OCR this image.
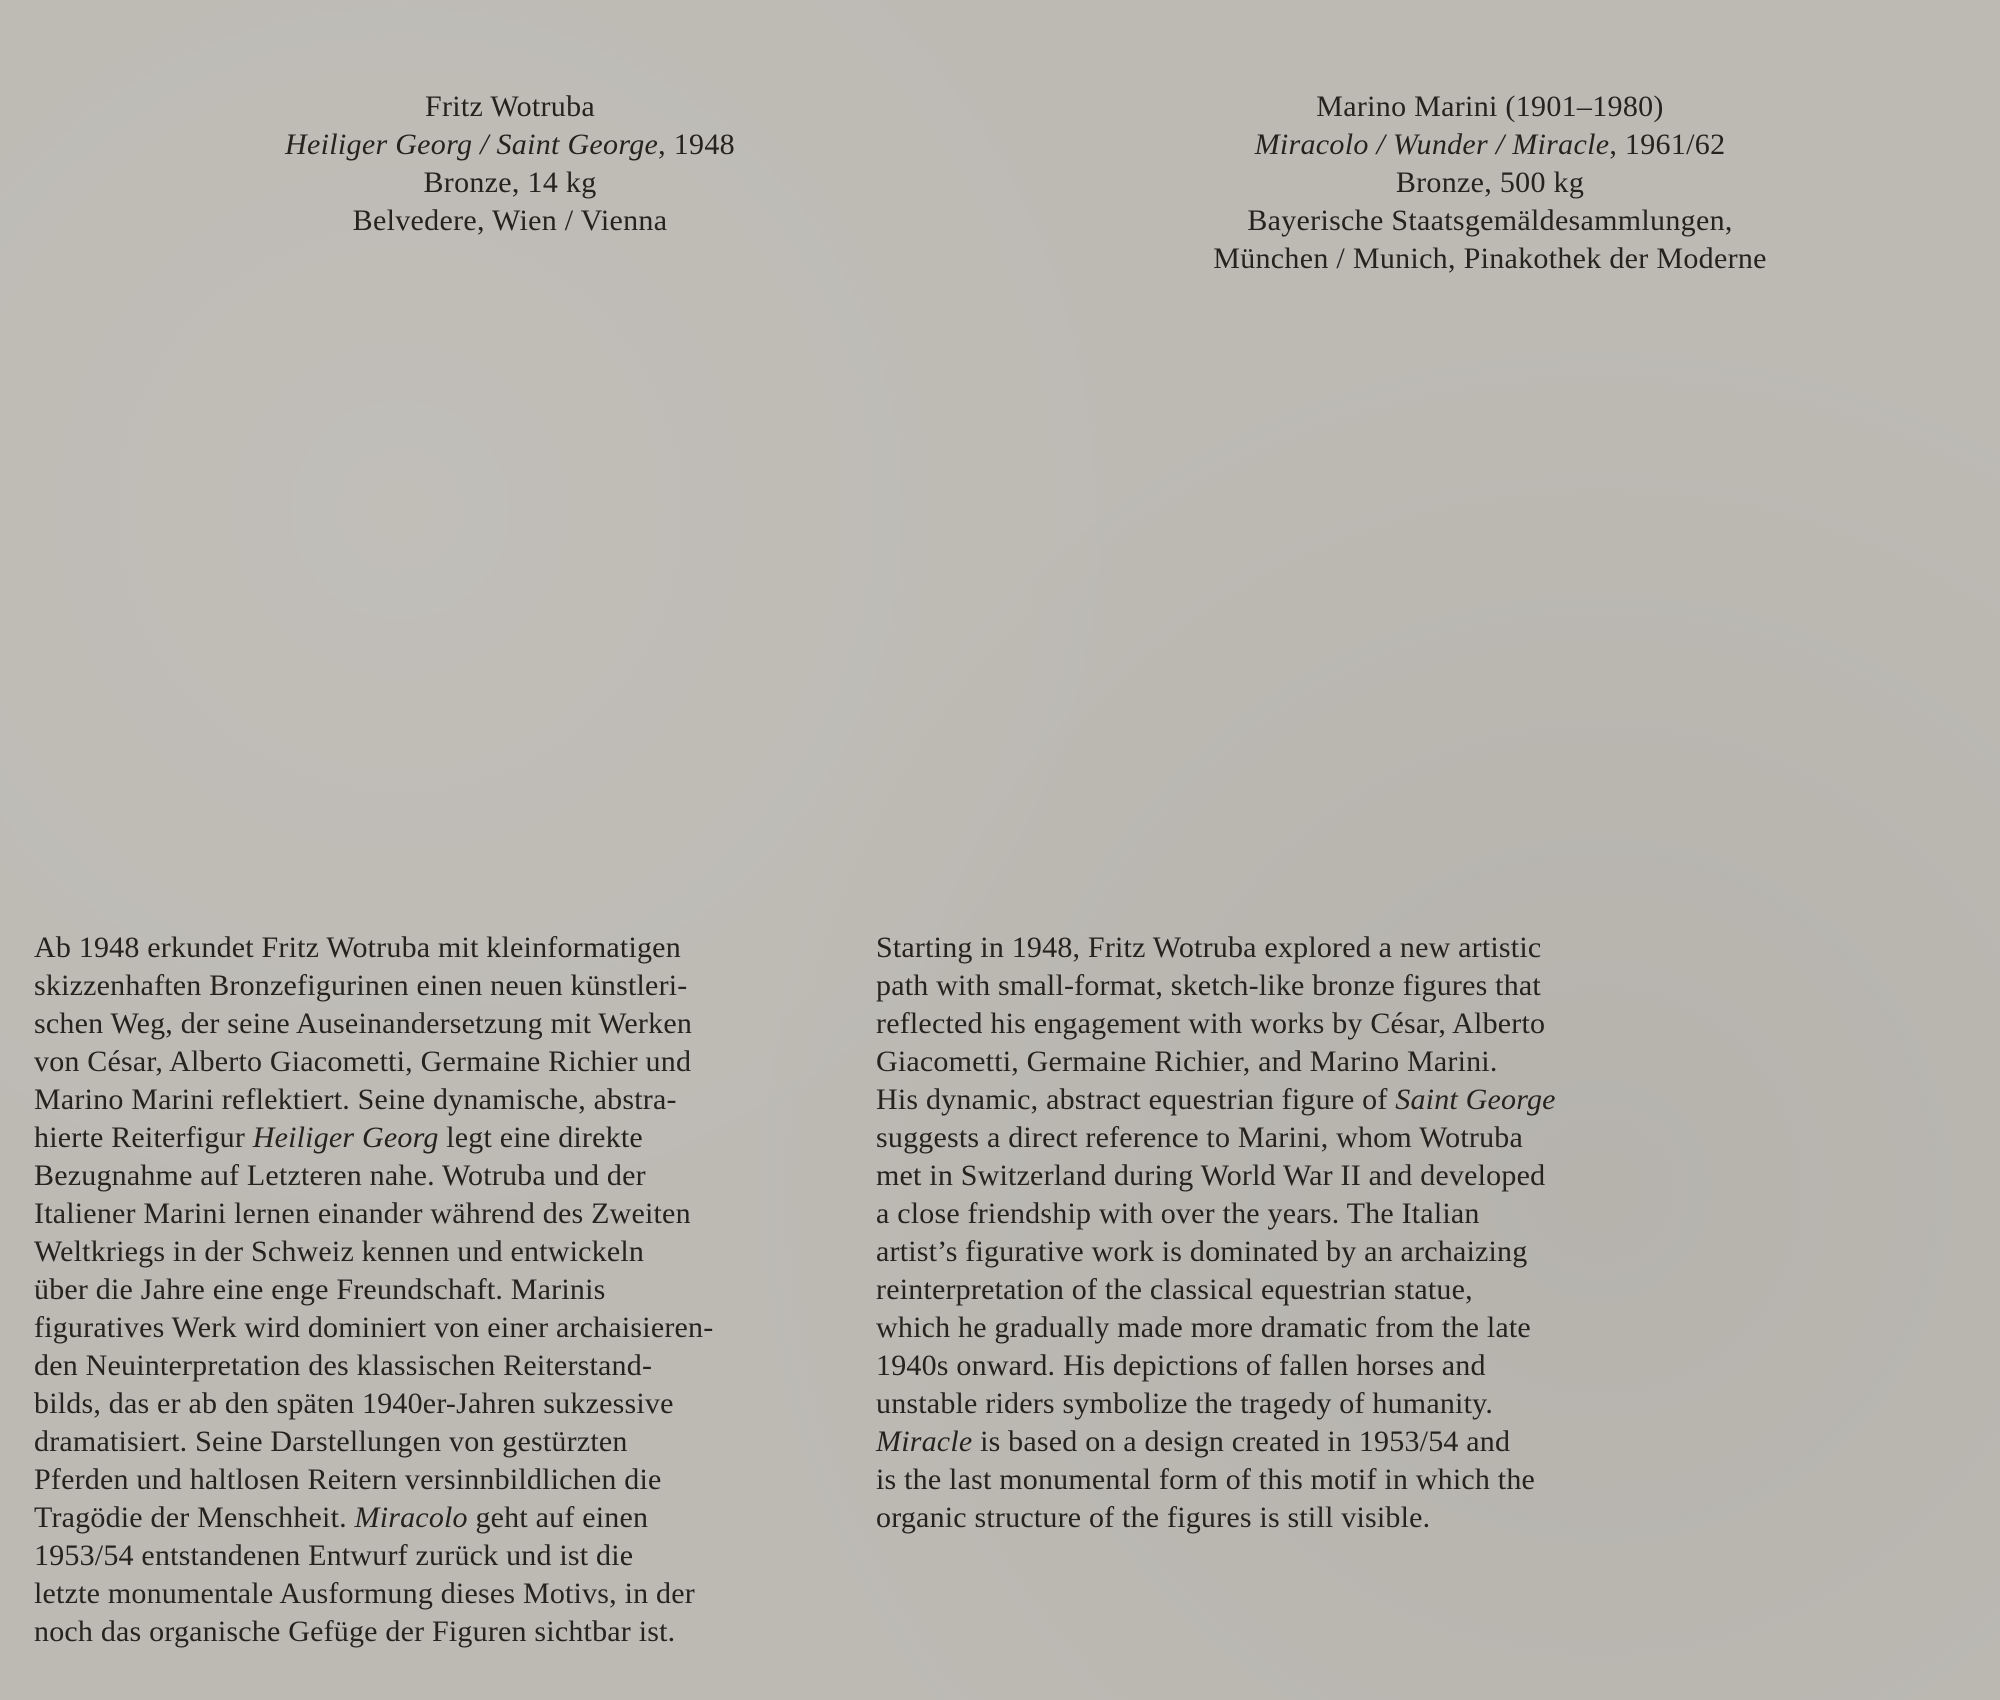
Fritz Wotruba
Heiliger Georg / Saint George, 1948
Bronze, 14 kg
Belvedere, Wien / Vienna
Marino Marini (1901–1980)
Miracolo / Wunder / Miracle, 1961/62
Bronze, 500 kg
Bayerische Staatsgemäldesammlungen,
München / Munich, Pinakothek der Moderne
Ab 1948 erkundet Fritz Wotruba mit kleinformatigen
skizzenhaften Bronzefigurinen einen neuen künstleri-
schen Weg, der seine Auseinandersetzung mit Werken
von César, Alberto Giacometti, Germaine Richier und
Marino Marini reflektiert. Seine dynamische, abstra-
hierte Reiterfigur Heiliger Georg legt eine direkte
Bezugnahme auf Letzteren nahe. Wotruba und der
Italiener Marini lernen einander während des Zweiten
Weltkriegs in der Schweiz kennen und entwickeln
über die Jahre eine enge Freundschaft. Marinis
figuratives Werk wird dominiert von einer archaisieren-
den Neuinterpretation des klassischen Reiterstand-
bilds, das er ab den späten 1940er-Jahren sukzessive
dramatisiert. Seine Darstellungen von gestürzten
Pferden und haltlosen Reitern versinnbildlichen die
Tragödie der Menschheit. Miracolo geht auf einen
1953/54 entstandenen Entwurf zurück und ist die
letzte monumentale Ausformung dieses Motivs, in der
noch das organische Gefüge der Figuren sichtbar ist.
Starting in 1948, Fritz Wotruba explored a new artistic
path with small-format, sketch-like bronze figures that
reflected his engagement with works by César, Alberto
Giacometti, Germaine Richier, and Marino Marini.
His dynamic, abstract equestrian figure of Saint George
suggests a direct reference to Marini, whom Wotruba
met in Switzerland during World War II and developed
a close friendship with over the years. The Italian
artist’s figurative work is dominated by an archaizing
reinterpretation of the classical equestrian statue,
which he gradually made more dramatic from the late
1940s onward. His depictions of fallen horses and
unstable riders symbolize the tragedy of humanity.
Miracle is based on a design created in 1953/54 and
is the last monumental form of this motif in which the
organic structure of the figures is still visible.
